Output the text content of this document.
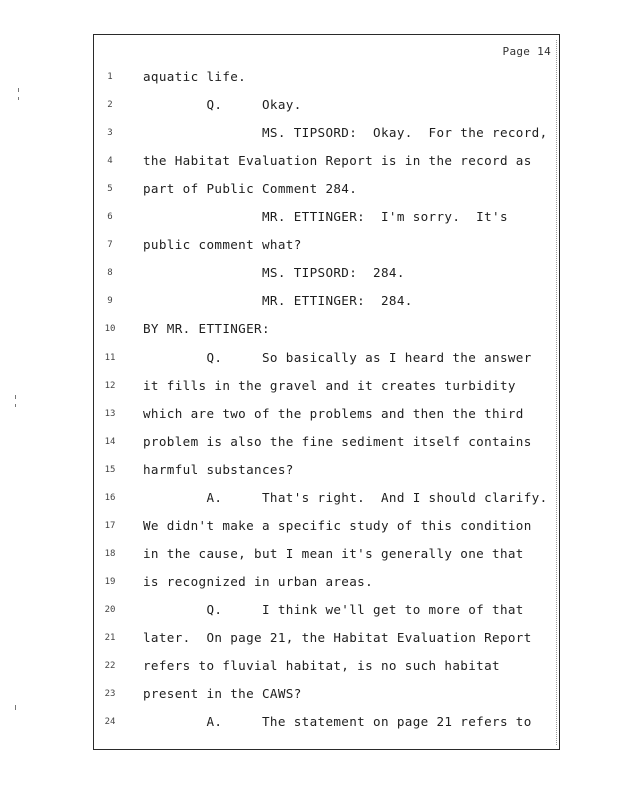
Page 14
1	aquatic life.
2	Q.     Okay.
3	MS. TIPSORD:  Okay.  For the record,
4	the Habitat Evaluation Report is in the record as
5	part of Public Comment 284.
6	MR. ETTINGER:  I'm sorry.  It's
7	public comment what?
8	MS. TIPSORD:  284.
9	MR. ETTINGER:  284.
10 BY MR. ETTINGER:
11 Q.     So basically as I heard the answer
12 it fills in the gravel and it creates turbidity
13 which are two of the problems and then the third
14 problem is also the fine sediment itself contains
15 harmful substances?
16 A.     That's right.  And I should clarify.
17 We didn't make a specific study of this condition
18 in the cause, but I mean it's generally one that
19 is recognized in urban areas.
20 Q.     I think we'll get to more of that
21 later.  On page 21, the Habitat Evaluation Report
22 refers to fluvial habitat, is no such habitat
23 present in the CAWS?
24 A.     The statement on page 21 refers to
